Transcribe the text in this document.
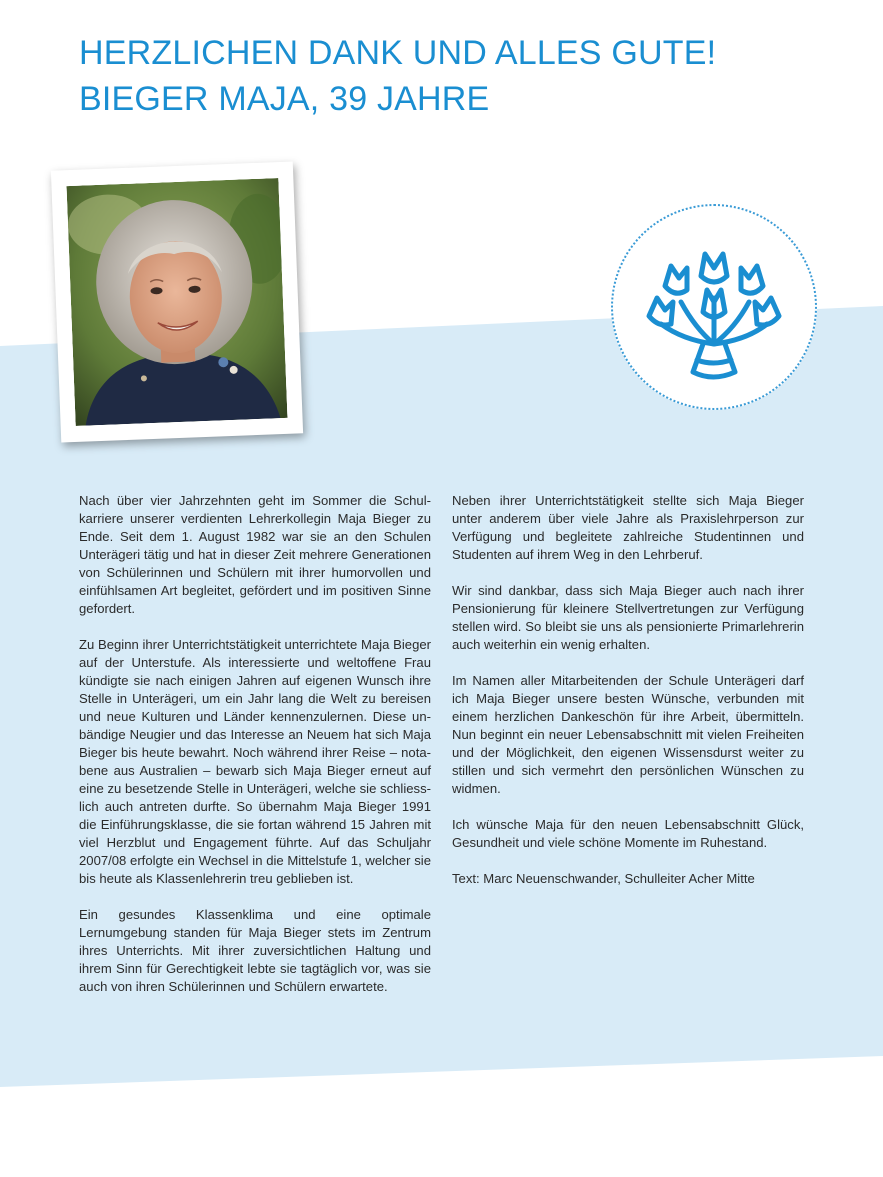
HERZLICHEN DANK UND ALLES GUTE!
BIEGER MAJA, 39 JAHRE

Nach über vier Jahrzehnten geht im Sommer die Schulkarriere unserer verdienten Lehrerkollegin Maja Bieger zu Ende. Seit dem 1. August 1982 war sie an den Schulen Unterägeri tätig und hat in dieser Zeit mehrere Generationen von Schülerinnen und Schülern mit ihrer humorvollen und einfühlsamen Art begleitet, gefördert und im positiven Sinne gefordert.

Zu Beginn ihrer Unterrichtstätigkeit unterrichtete Maja Bieger auf der Unterstufe. Als interessierte und weltoffene Frau kündigte sie nach einigen Jahren auf eigenen Wunsch ihre Stelle in Unterägeri, um ein Jahr lang die Welt zu bereisen und neue Kulturen und Länder kennenzulernen. Diese unbändige Neugier und das Interesse an Neuem hat sich Maja Bieger bis heute bewahrt. Noch während ihrer Reise – notabene aus Australien – bewarb sich Maja Bieger erneut auf eine zu besetzende Stelle in Unterägeri, welche sie schliesslich auch antreten durfte. So übernahm Maja Bieger 1991 die Einführungsklasse, die sie fortan während 15 Jahren mit viel Herzblut und Engagement führte. Auf das Schuljahr 2007/08 erfolgte ein Wechsel in die Mittelstufe 1, welcher sie bis heute als Klassenlehrerin treu geblieben ist.

Ein gesundes Klassenklima und eine optimale Lernumgebung standen für Maja Bieger stets im Zentrum ihres Unterrichts. Mit ihrer zuversichtlichen Haltung und ihrem Sinn für Gerechtigkeit lebte sie tagtäglich vor, was sie auch von ihren Schülerinnen und Schülern erwartete.

Neben ihrer Unterrichtstätigkeit stellte sich Maja Bieger unter anderem über viele Jahre als Praxislehrperson zur Verfügung und begleitete zahlreiche Studentinnen und Studenten auf ihrem Weg in den Lehrberuf.

Wir sind dankbar, dass sich Maja Bieger auch nach ihrer Pensionierung für kleinere Stellvertretungen zur Verfügung stellen wird. So bleibt sie uns als pensionierte Primarlehrerin auch weiterhin ein wenig erhalten.

Im Namen aller Mitarbeitenden der Schule Unterägeri darf ich Maja Bieger unsere besten Wünsche, verbunden mit einem herzlichen Dankeschön für ihre Arbeit, übermitteln. Nun beginnt ein neuer Lebensabschnitt mit vielen Freiheiten und der Möglichkeit, den eigenen Wissensdurst weiter zu stillen und sich vermehrt den persönlichen Wünschen zu widmen.

Ich wünsche Maja für den neuen Lebensabschnitt Glück, Gesundheit und viele schöne Momente im Ruhestand.

Text: Marc Neuenschwander, Schulleiter Acher Mitte
